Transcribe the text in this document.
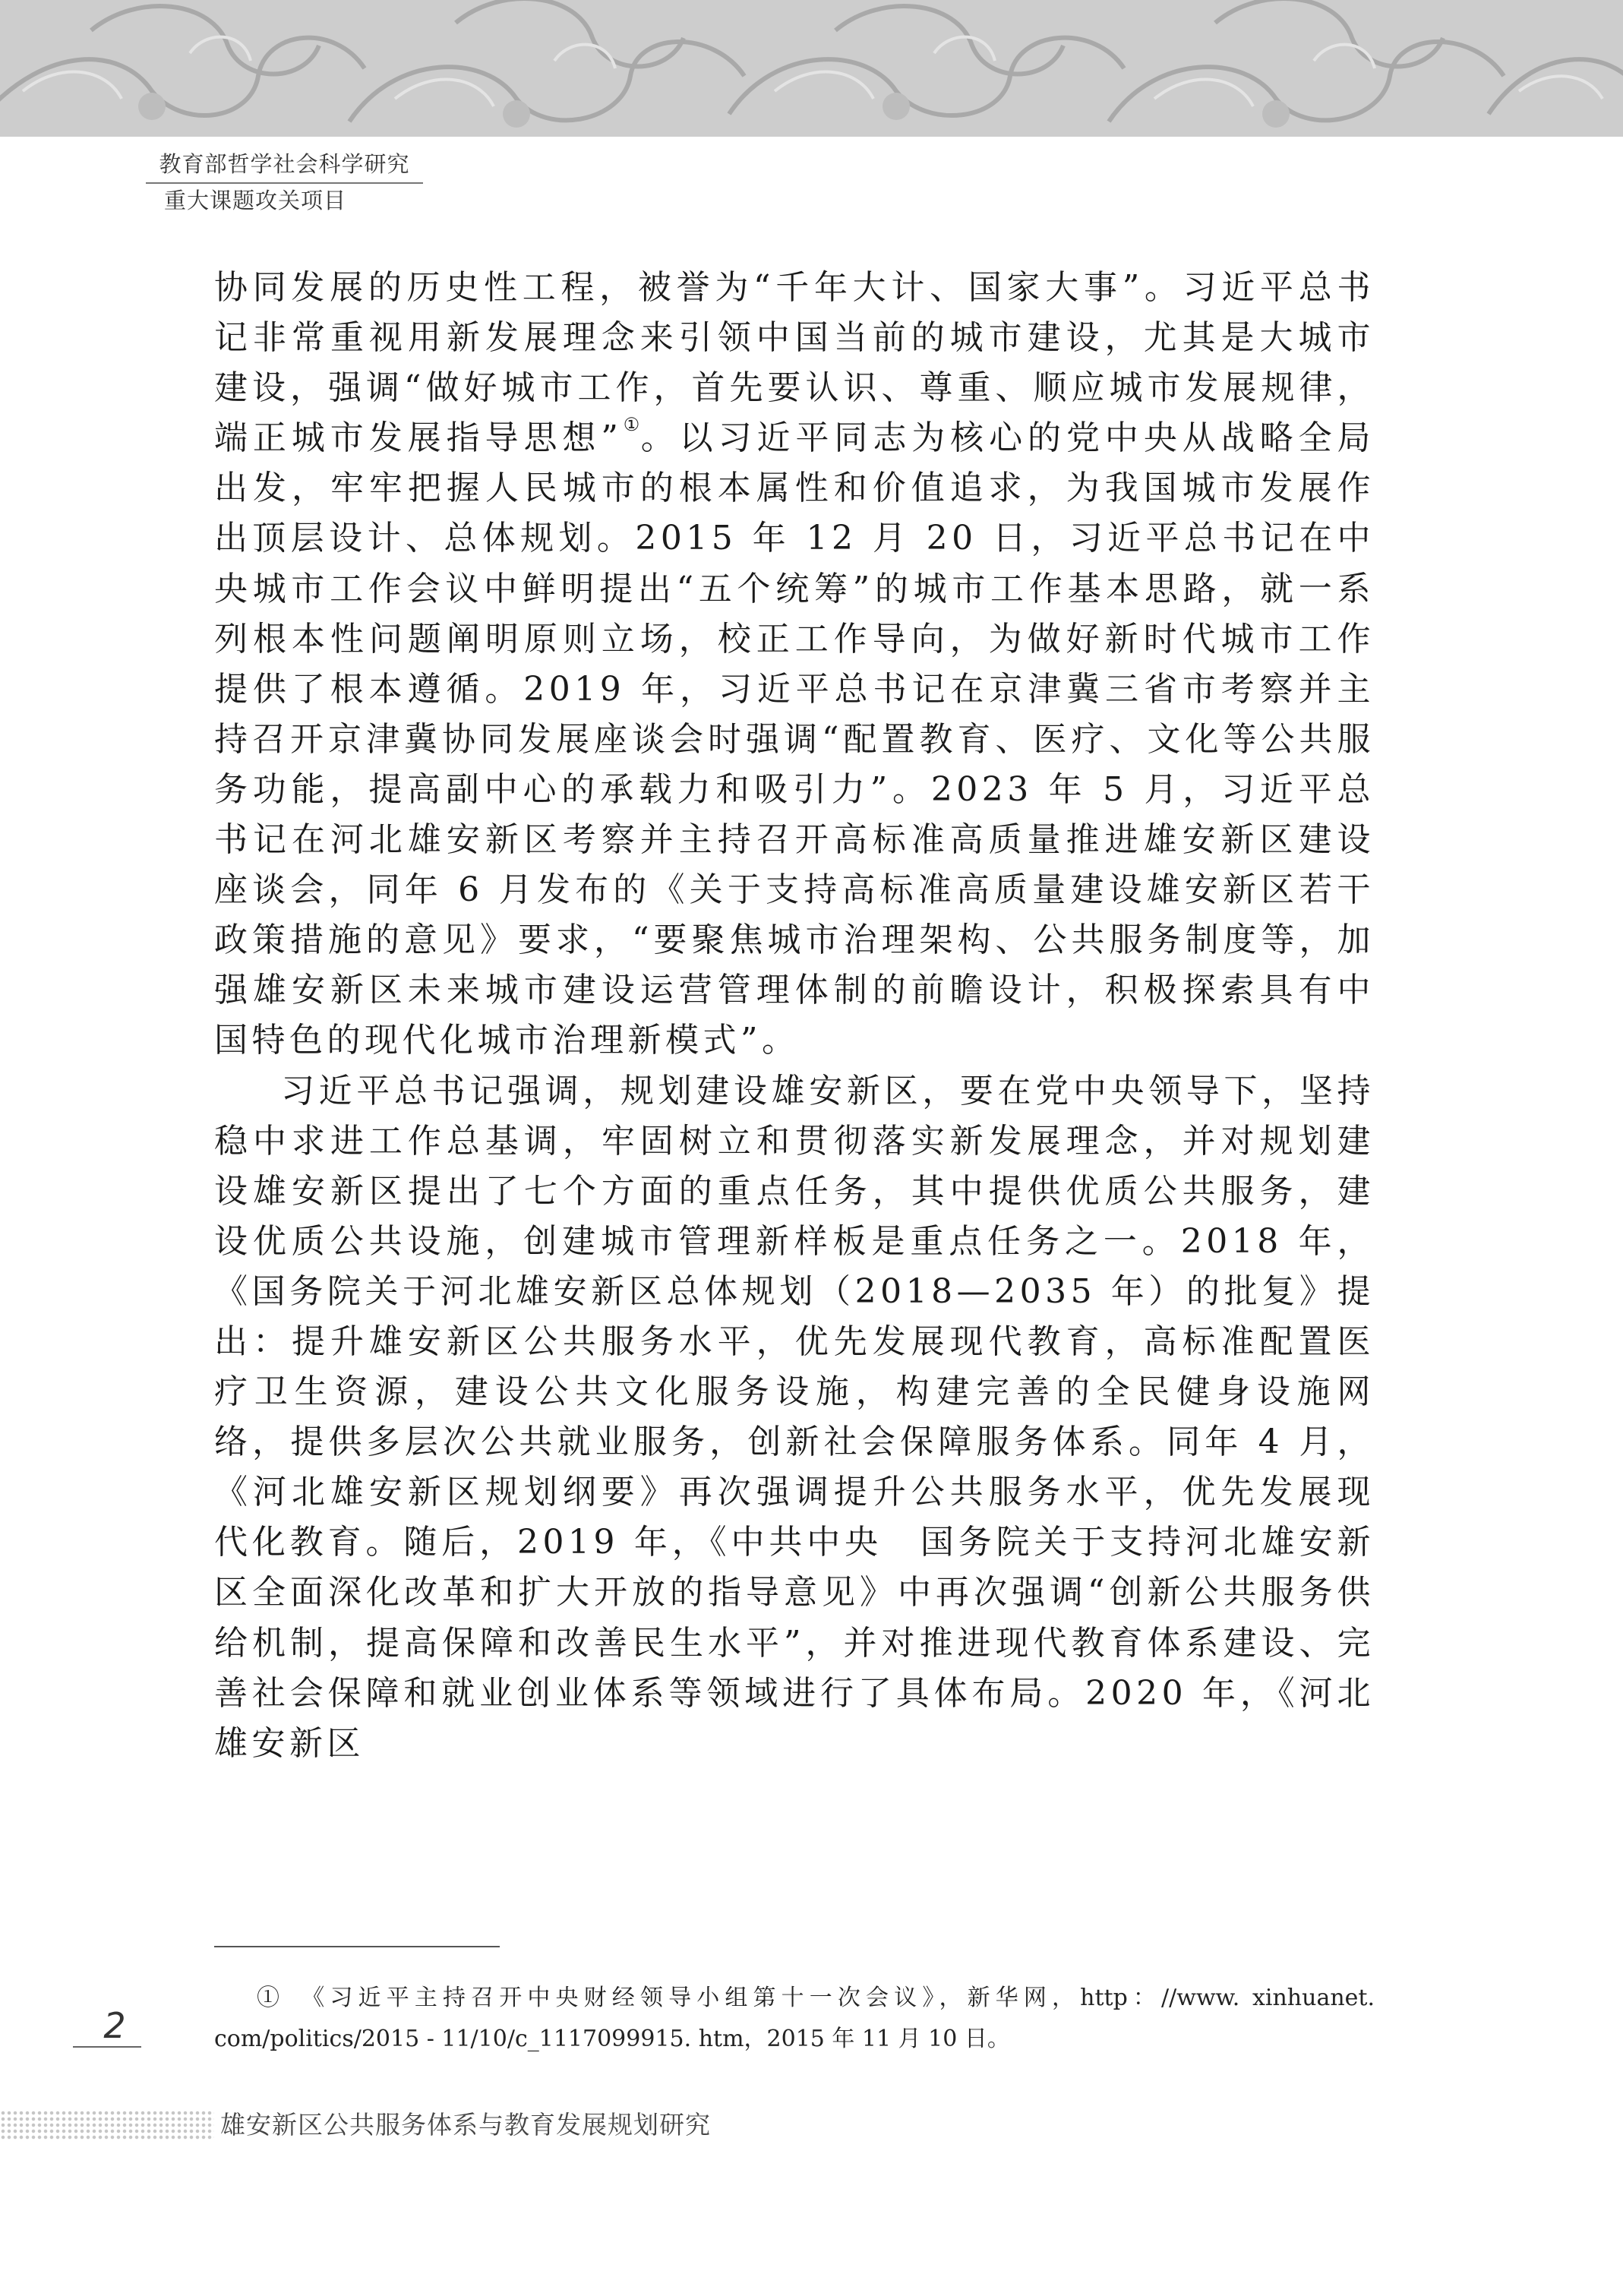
教育部哲学社会科学研究
重大课题攻关项目

协同发展的历史性工程，被誉为“千年大计、国家大事”。习近平总书记非常重视用新发展理念来引领中国当前的城市建设，尤其是大城市建设，强调“做好城市工作，首先要认识、尊重、顺应城市发展规律，端正城市发展指导思想”①。以习近平同志为核心的党中央从战略全局出发，牢牢把握人民城市的根本属性和价值追求，为我国城市发展作出顶层设计、总体规划。2015 年 12 月 20 日，习近平总书记在中央城市工作会议中鲜明提出“五个统筹”的城市工作基本思路，就一系列根本性问题阐明原则立场，校正工作导向，为做好新时代城市工作提供了根本遵循。2019 年，习近平总书记在京津冀三省市考察并主持召开京津冀协同发展座谈会时强调“配置教育、医疗、文化等公共服务功能，提高副中心的承载力和吸引力”。2023 年 5 月，习近平总书记在河北雄安新区考察并主持召开高标准高质量推进雄安新区建设座谈会，同年 6 月发布的《关于支持高标准高质量建设雄安新区若干政策措施的意见》要求，“要聚焦城市治理架构、公共服务制度等，加强雄安新区未来城市建设运营管理体制的前瞻设计，积极探索具有中国特色的现代化城市治理新模式”。

习近平总书记强调，规划建设雄安新区，要在党中央领导下，坚持稳中求进工作总基调，牢固树立和贯彻落实新发展理念，并对规划建设雄安新区提出了七个方面的重点任务，其中提供优质公共服务，建设优质公共设施，创建城市管理新样板是重点任务之一。2018 年，《国务院关于河北雄安新区总体规划（2018—2035 年）的批复》提出：提升雄安新区公共服务水平，优先发展现代教育，高标准配置医疗卫生资源，建设公共文化服务设施，构建完善的全民健身设施网络，提供多层次公共就业服务，创新社会保障服务体系。同年 4 月，《河北雄安新区规划纲要》再次强调提升公共服务水平，优先发展现代化教育。随后，2019 年，《中共中央　国务院关于支持河北雄安新区全面深化改革和扩大开放的指导意见》中再次强调“创新公共服务供给机制，提高保障和改善民生水平”，并对推进现代教育体系建设、完善社会保障和就业创业体系等领域进行了具体布局。2020 年，《河北雄安新区

①　《习近平主持召开中央财经领导小组第十一次会议》，新华网，http：//www. xinhuanet. com/politics/2015 - 11/10/c_1117099915. htm，2015 年 11 月 10 日。
2
雄安新区公共服务体系与教育发展规划研究
